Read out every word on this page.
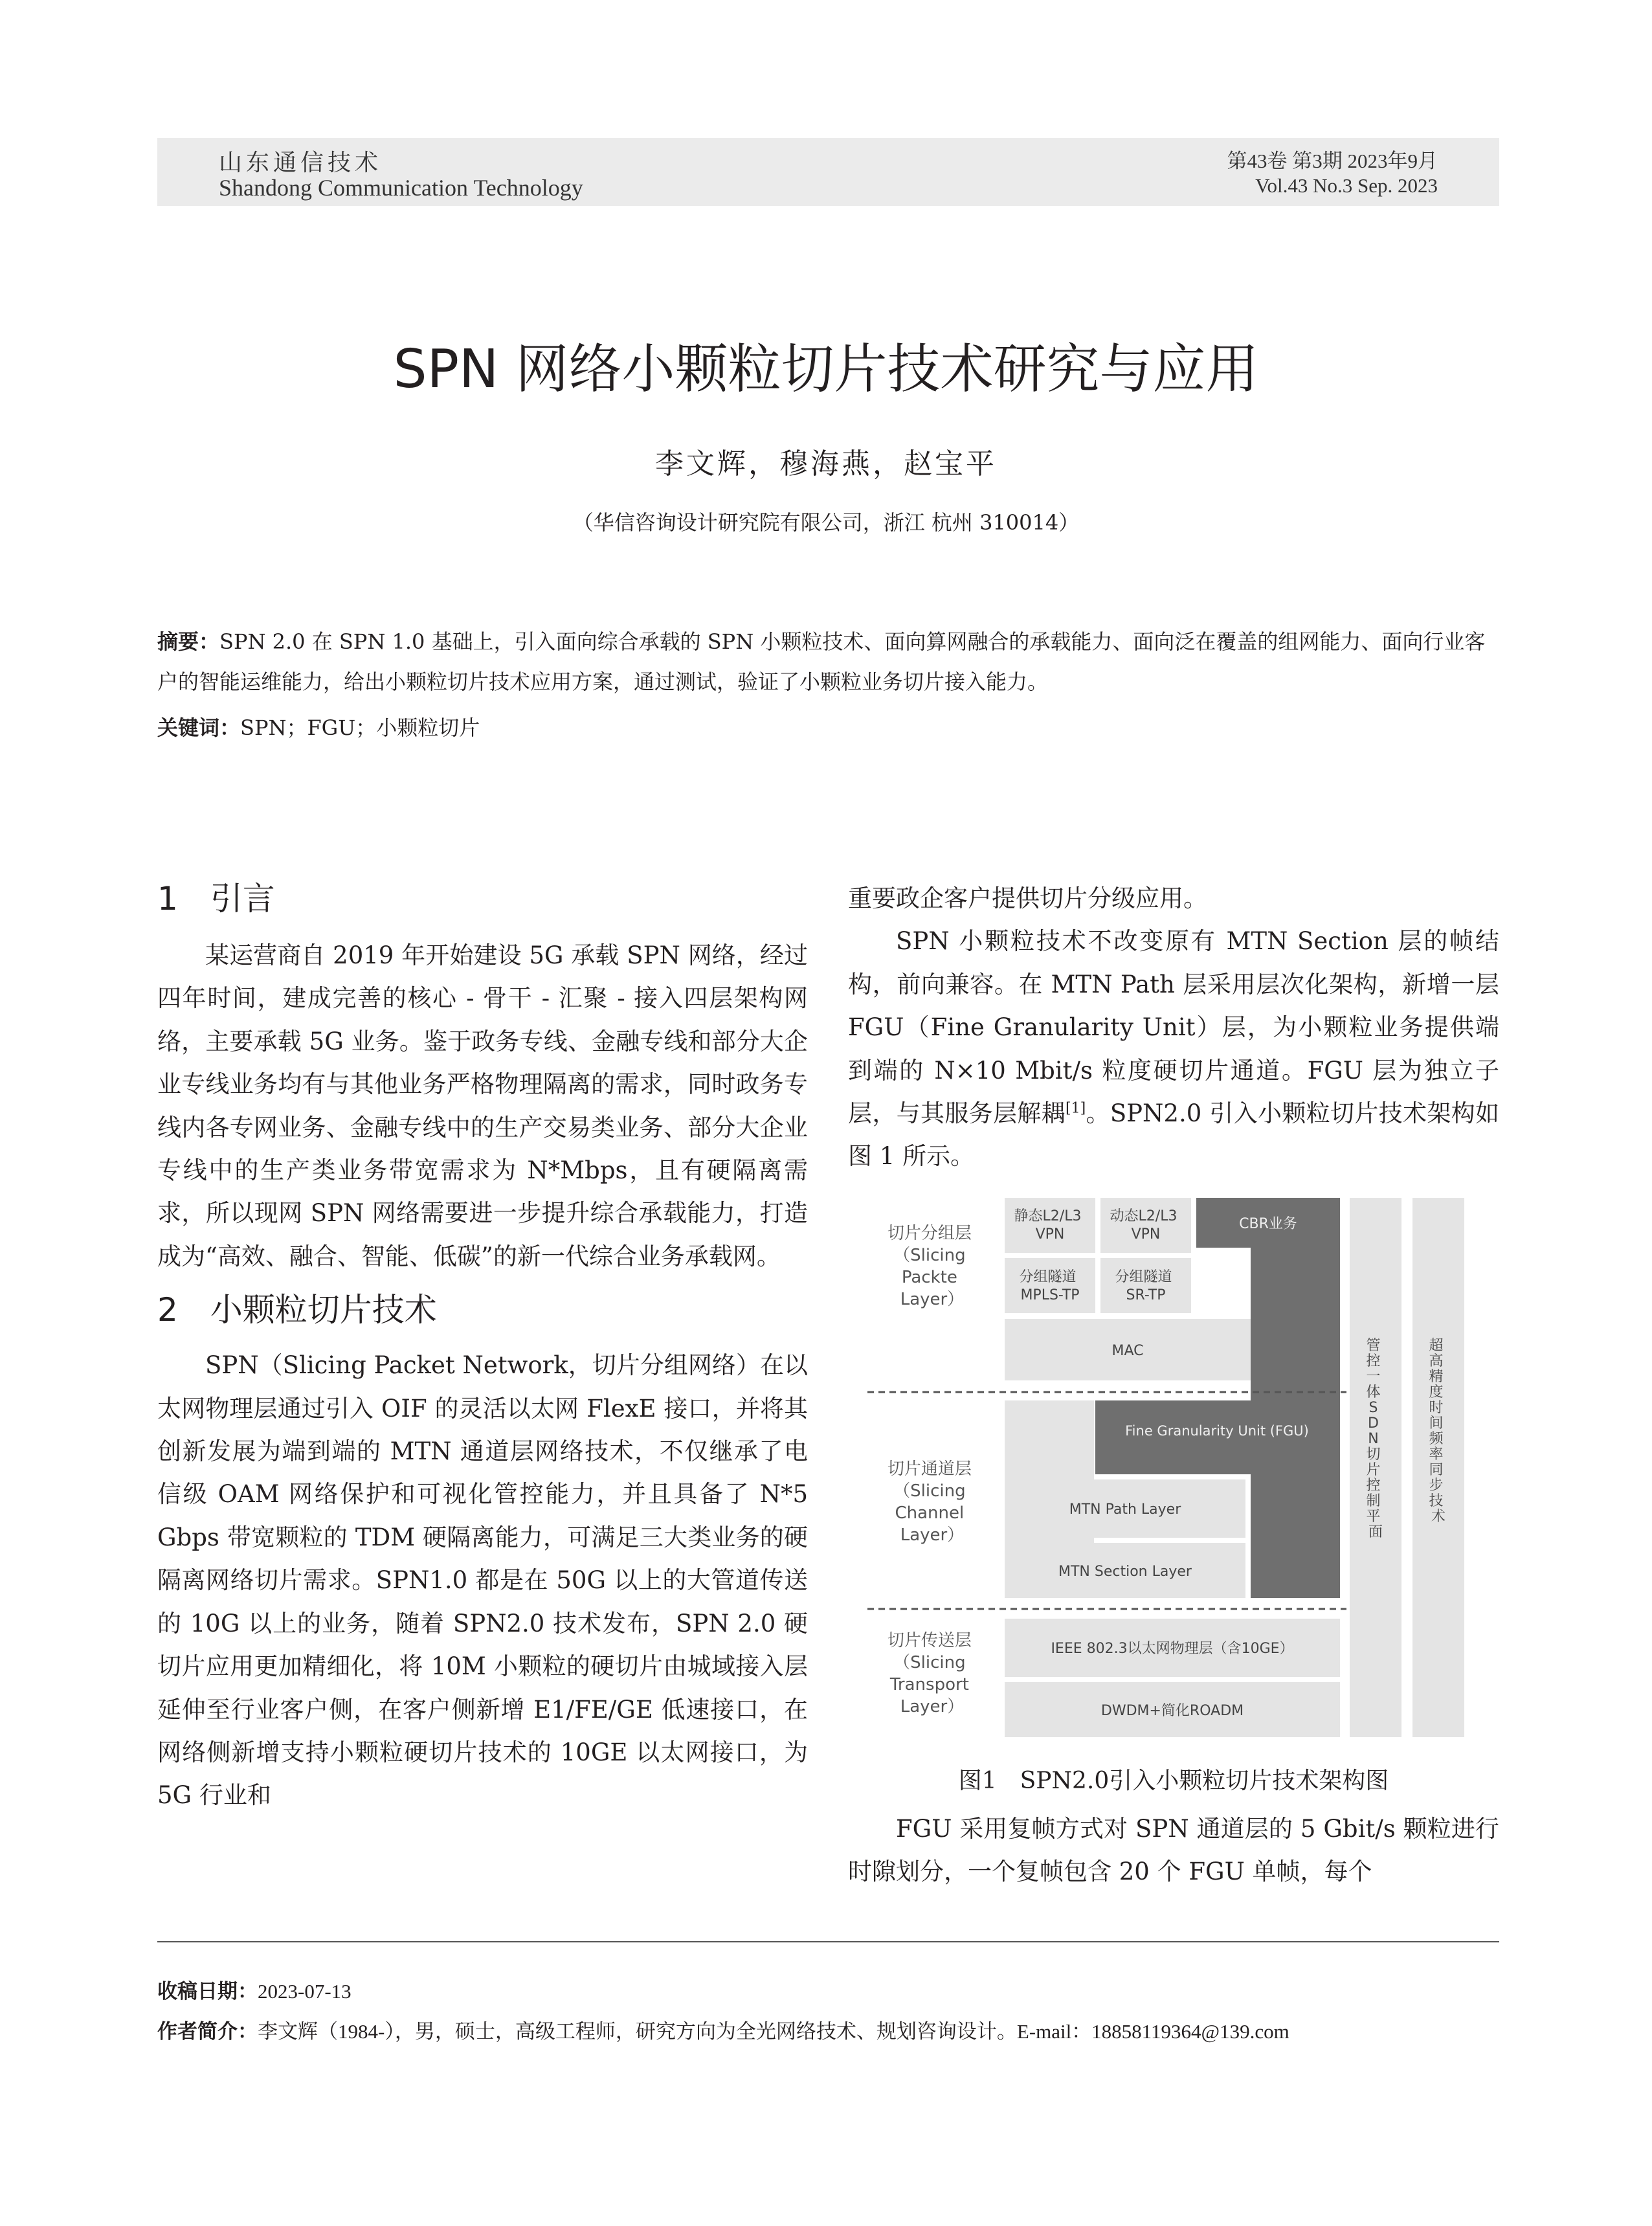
山东通信技术
Shandong Communication Technology
第43卷 第3期 2023年9月
Vol.43 No.3 Sep. 2023
SPN 网络小颗粒切片技术研究与应用
李文辉，穆海燕，赵宝平
（华信咨询设计研究院有限公司，浙江 杭州 310014）
摘要：SPN 2.0 在 SPN 1.0 基础上，引入面向综合承载的 SPN 小颗粒技术、面向算网融合的承载能力、面向泛在覆盖的组网能力、面向行业客户的智能运维能力，给出小颗粒切片技术应用方案，通过测试，验证了小颗粒业务切片接入能力。
关键词：SPN；FGU；小颗粒切片
1　引言

某运营商自 2019 年开始建设 5G 承载 SPN 网络，经过四年时间，建成完善的核心 - 骨干 - 汇聚 - 接入四层架构网络，主要承载 5G 业务。鉴于政务专线、金融专线和部分大企业专线业务均有与其他业务严格物理隔离的需求，同时政务专线内各专网业务、金融专线中的生产交易类业务、部分大企业专线中的生产类业务带宽需求为 N*Mbps，且有硬隔离需求，所以现网 SPN 网络需要进一步提升综合承载能力，打造成为“高效、融合、智能、低碳”的新一代综合业务承载网。

2　小颗粒切片技术

SPN（Slicing Packet Network，切片分组网络）在以太网物理层通过引入 OIF 的灵活以太网 FlexE 接口，并将其创新发展为端到端的 MTN 通道层网络技术，不仅继承了电信级 OAM 网络保护和可视化管控能力，并且具备了 N*5 Gbps 带宽颗粒的 TDM 硬隔离能力，可满足三大类业务的硬隔离网络切片需求。SPN1.0 都是在 50G 以上的大管道传送的 10G 以上的业务，随着 SPN2.0 技术发布，SPN 2.0 硬切片应用更加精细化，将 10M 小颗粒的硬切片由城域接入层延伸至行业客户侧，在客户侧新增 E1/FE/GE 低速接口，在网络侧新增支持小颗粒硬切片技术的 10GE 以太网接口，为 5G 行业和

重要政企客户提供切片分级应用。

SPN 小颗粒技术不改变原有 MTN Section 层的帧结构，前向兼容。在 MTN Path 层采用层次化架构，新增一层 FGU（Fine Granularity Unit）层，为小颗粒业务提供端到端的 N×10 Mbit/s 粒度硬切片通道。FGU 层为独立子层，与其服务层解耦[1]。SPN2.0 引入小颗粒切片技术架构如图 1 所示。

切片分组层 （Slicing Packte Layer）
切片通道层 （Slicing Channel Layer）
切片传送层 （Slicing Transport Layer）
静态L2/L3 VPN
动态L2/L3 VPN
分组隧道 MPLS-TP
分组隧道 SR-TP
MAC
CBR业务
Fine Granularity Unit (FGU)
MTN Path Layer
MTN Section Layer
IEEE 802.3以太网物理层（含10GE）
DWDM+简化ROADM
管 控 一 体 S D N 切 片 控 制 平 面
超 高 精 度 时 间 频 率 同 步 技 术
图1　SPN2.0引入小颗粒切片技术架构图

FGU 采用复帧方式对 SPN 通道层的 5 Gbit/s 颗粒进行时隙划分，一个复帧包含 20 个 FGU 单帧，每个

收稿日期：2023-07-13
作者简介：李文辉（1984-），男，硕士，高级工程师，研究方向为全光网络技术、规划咨询设计。E-mail：18858119364@139.com
